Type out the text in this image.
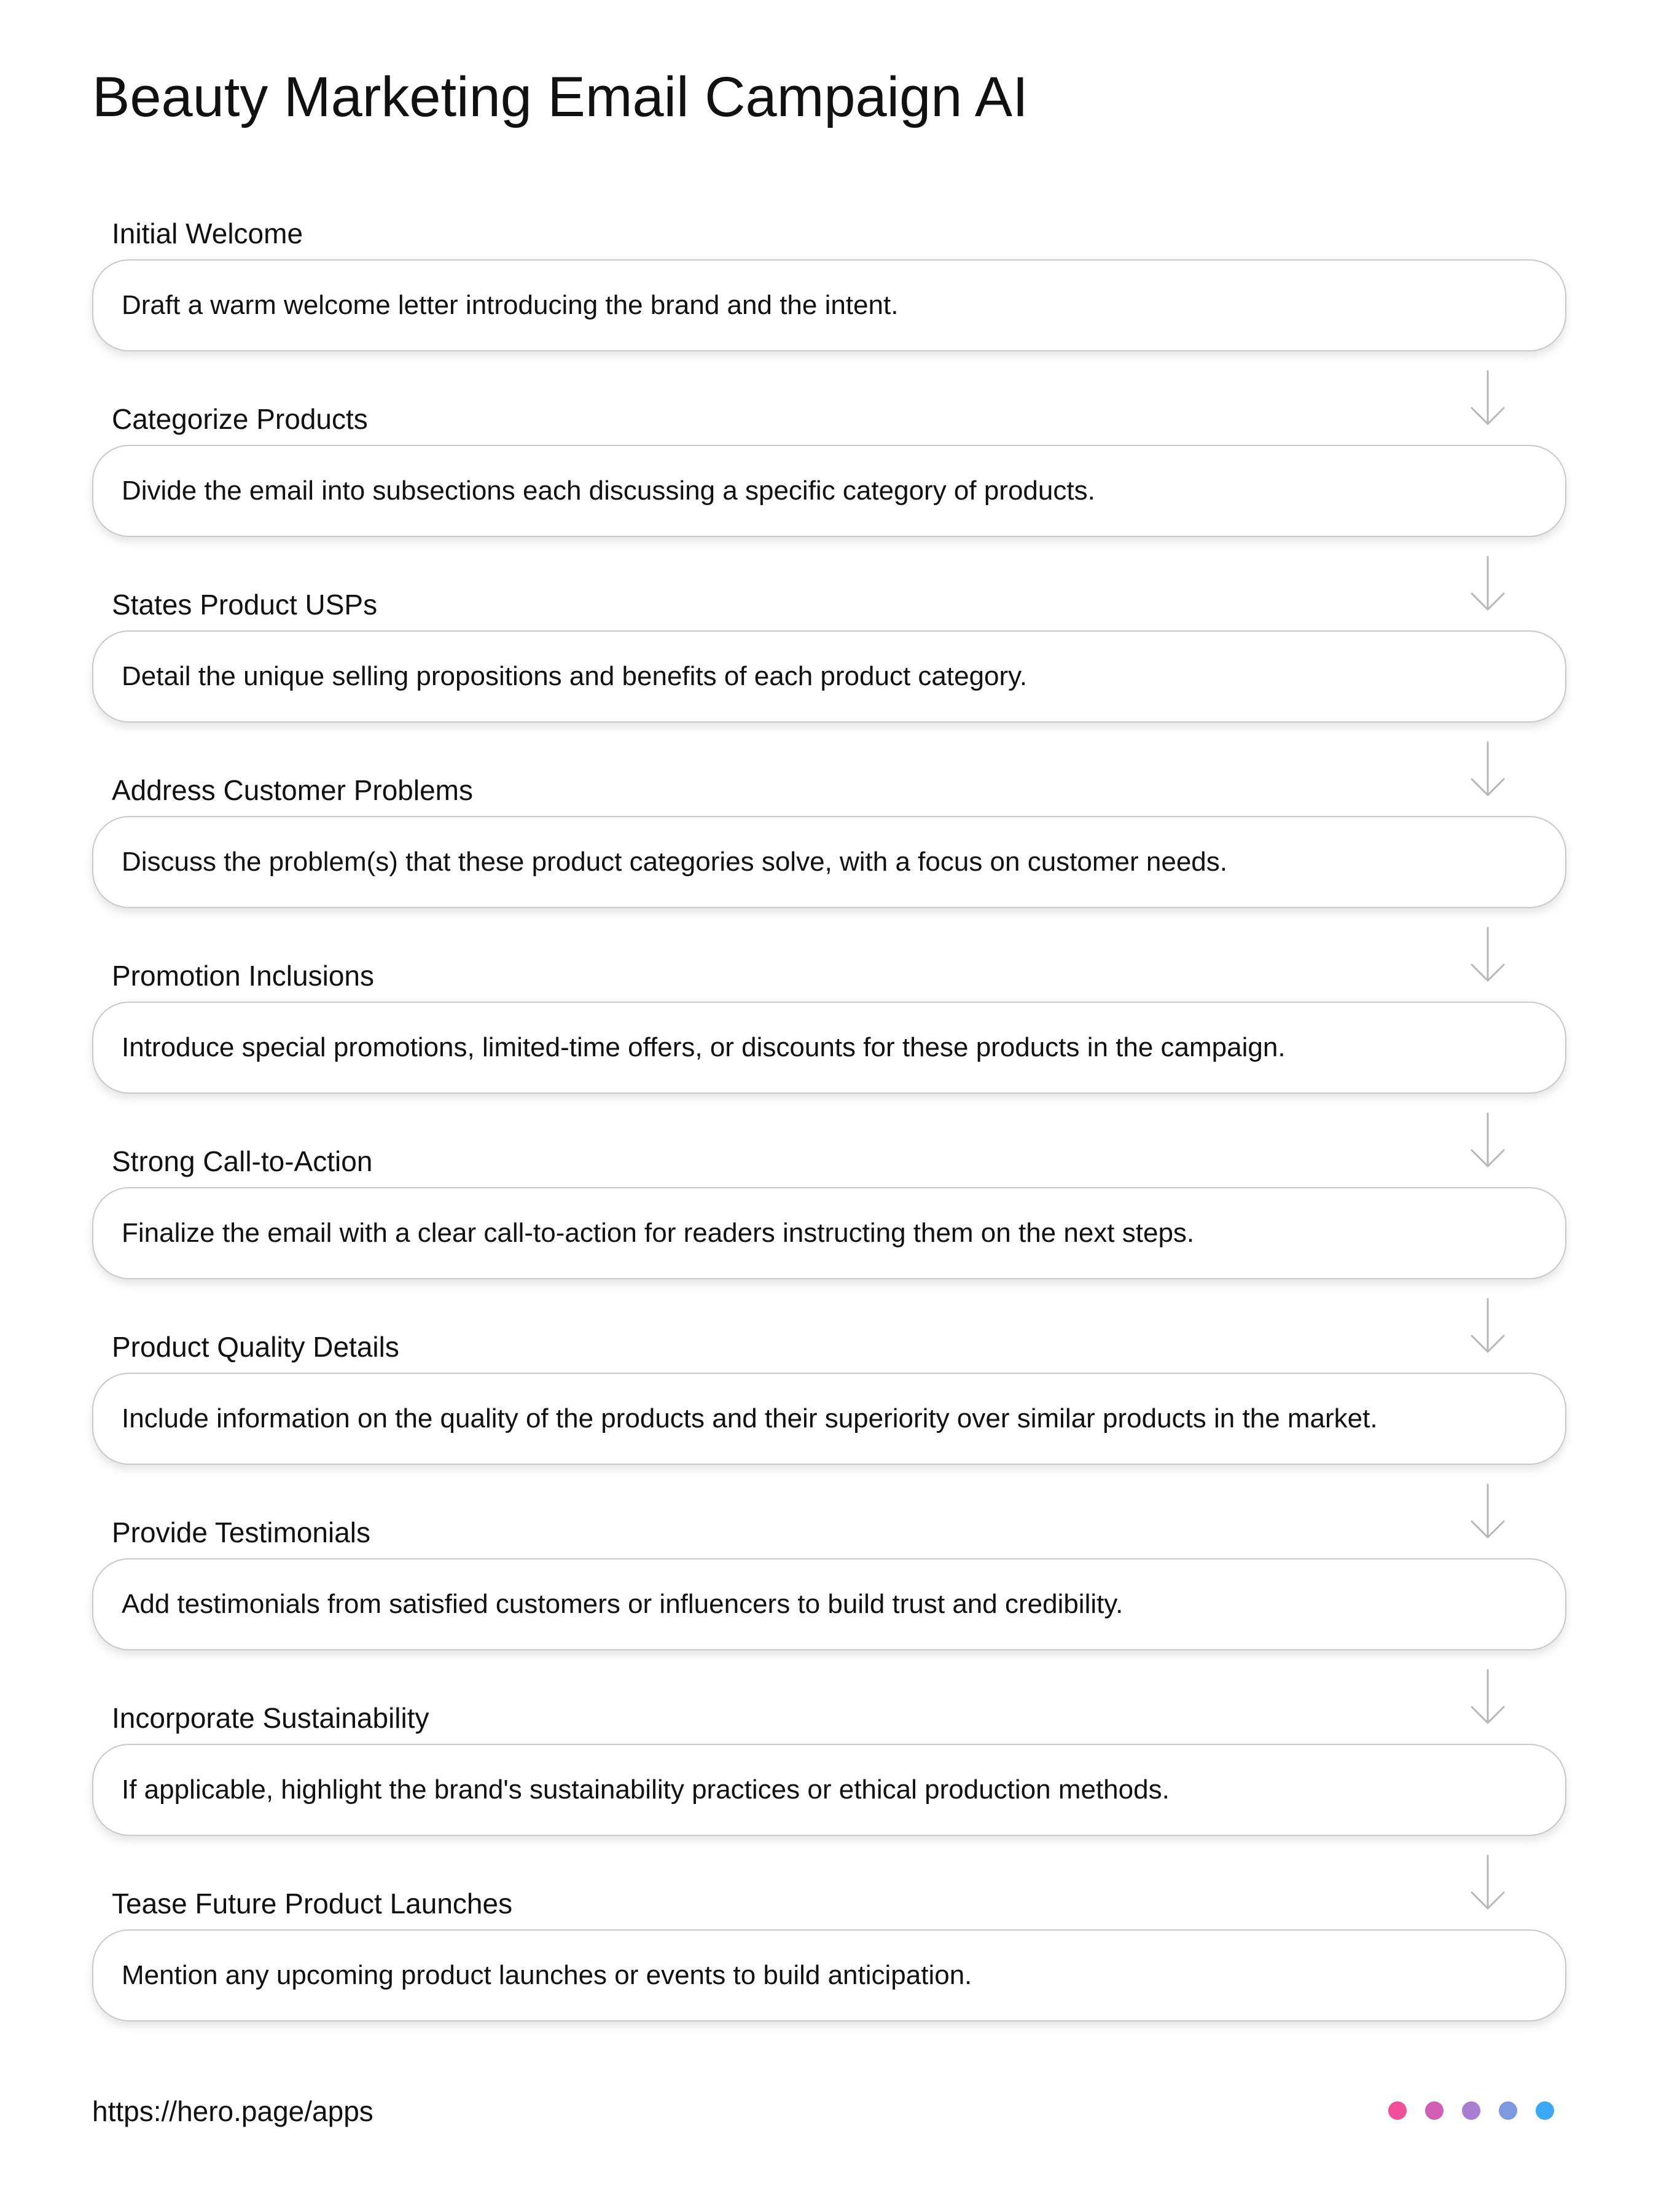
Beauty Marketing Email Campaign AI
Initial Welcome
Draft a warm welcome letter introducing the brand and the intent.
Categorize Products
Divide the email into subsections each discussing a specific category of products.
States Product USPs
Detail the unique selling propositions and benefits of each product category.
Address Customer Problems
Discuss the problem(s) that these product categories solve, with a focus on customer needs.
Promotion Inclusions
Introduce special promotions, limited-time offers, or discounts for these products in the campaign.
Strong Call-to-Action
Finalize the email with a clear call-to-action for readers instructing them on the next steps.
Product Quality Details
Include information on the quality of the products and their superiority over similar products in the market.
Provide Testimonials
Add testimonials from satisfied customers or influencers to build trust and credibility.
Incorporate Sustainability
If applicable, highlight the brand's sustainability practices or ethical production methods.
Tease Future Product Launches
Mention any upcoming product launches or events to build anticipation.
https://hero.page/apps
